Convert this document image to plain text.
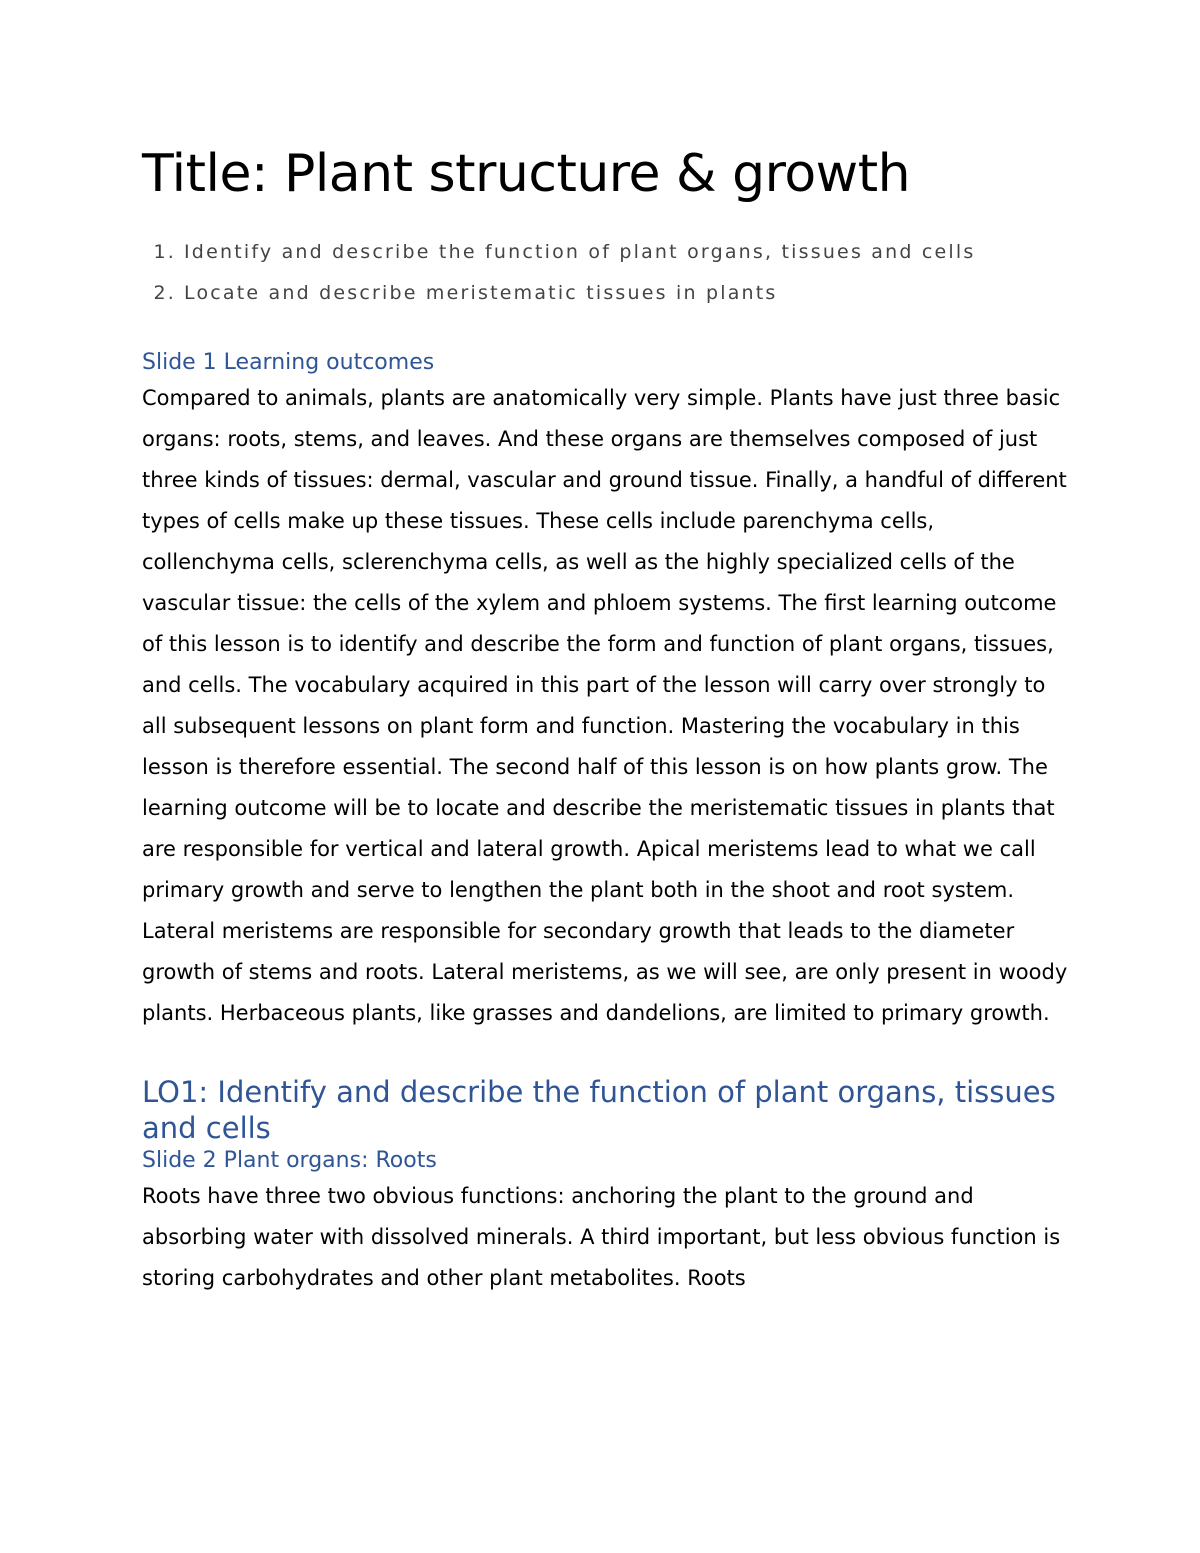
Title: Plant structure & growth
1. Identify and describe the function of plant organs, tissues and cells
2. Locate and describe meristematic tissues in plants
Slide 1 Learning outcomes

Compared to animals, plants are anatomically very simple. Plants have just three basic organs: roots, stems, and leaves. And these organs are themselves composed of just three kinds of tissues: dermal, vascular and ground tissue. Finally, a handful of different types of cells make up these tissues. These cells include parenchyma cells, collenchyma cells, sclerenchyma cells, as well as the highly specialized cells of the vascular tissue: the cells of the xylem and phloem systems. The first learning outcome of this lesson is to identify and describe the form and function of plant organs, tissues, and cells. The vocabulary acquired in this part of the lesson will carry over strongly to all subsequent lessons on plant form and function. Mastering the vocabulary in this lesson is therefore essential. The second half of this lesson is on how plants grow. The learning outcome will be to locate and describe the meristematic tissues in plants that are responsible for vertical and lateral growth. Apical meristems lead to what we call primary growth and serve to lengthen the plant both in the shoot and root system. Lateral meristems are responsible for secondary growth that leads to the diameter growth of stems and roots. Lateral meristems, as we will see, are only present in woody plants. Herbaceous plants, like grasses and dandelions, are limited to primary growth.

LO1: Identify and describe the function of plant organs, tissues and cells
Slide 2 Plant organs: Roots

Roots have three two obvious functions: anchoring the plant to the ground and absorbing water with dissolved minerals. A third important, but less obvious function is storing carbohydrates and other plant metabolites. Roots
